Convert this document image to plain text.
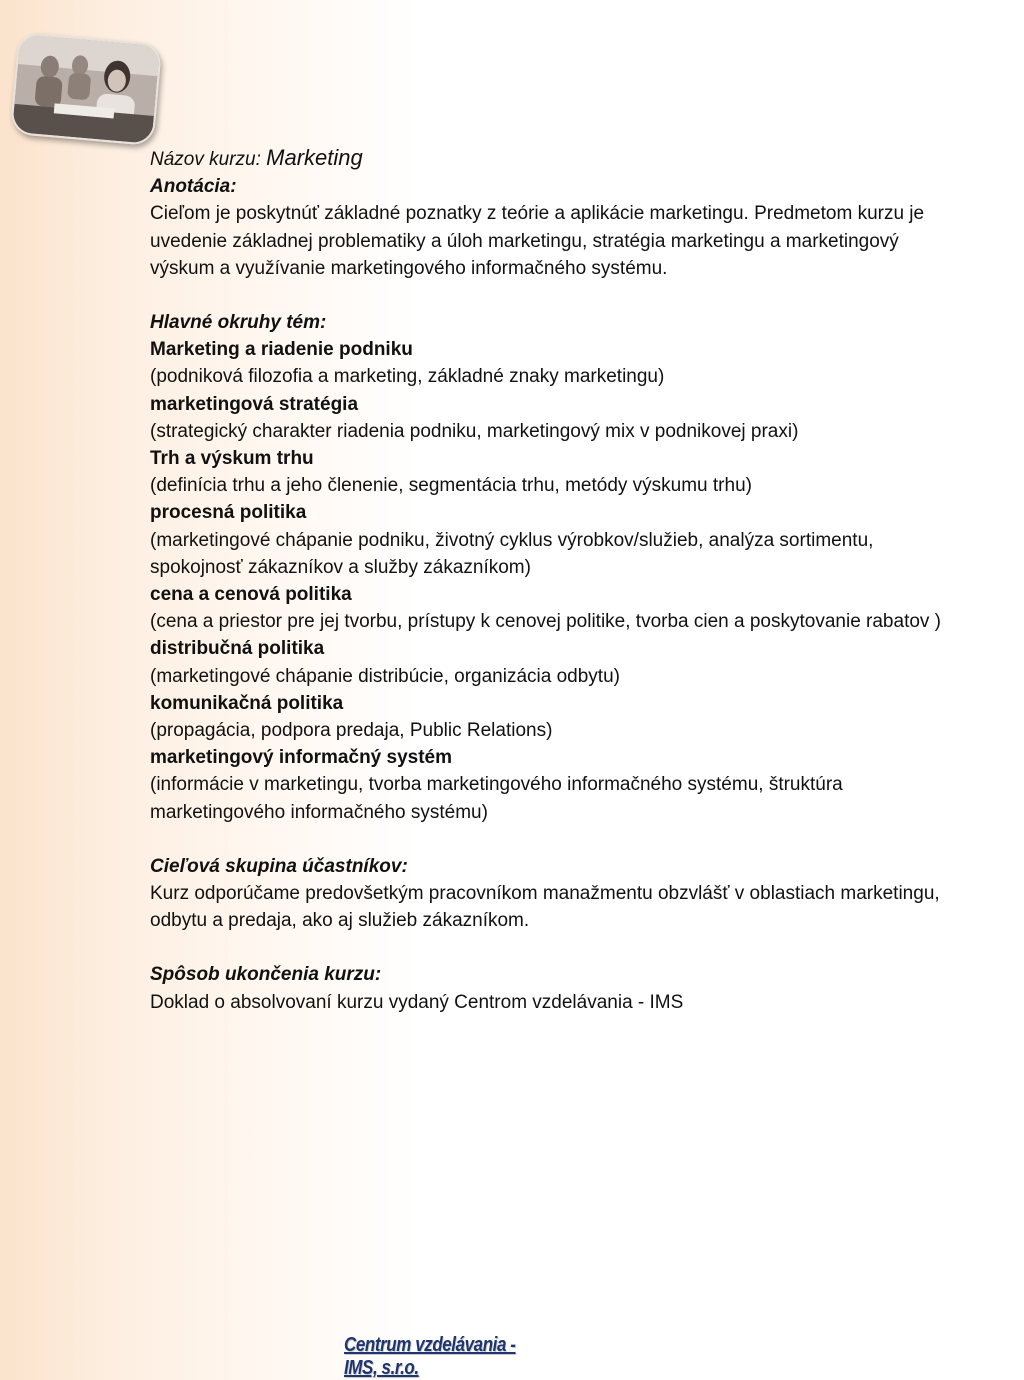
Názov kurzu: Marketing

Anotácia:

Cieľom je poskytnúť základné poznatky z teórie a aplikácie marketingu. Predmetom kurzu je uvedenie základnej problematiky a úloh marketingu, stratégia marketingu a marketingový výskum a využívanie marketingového informačného systému.

Hlavné okruhy tém:

Marketing a riadenie podniku

(podniková filozofia a marketing, základné znaky marketingu)

marketingová stratégia

(strategický charakter riadenia podniku, marketingový mix v podnikovej praxi)

Trh a výskum trhu

(definícia trhu a jeho členenie, segmentácia trhu, metódy výskumu trhu)

procesná politika

(marketingové chápanie podniku, životný cyklus výrobkov/služieb, analýza sortimentu, spokojnosť zákazníkov a služby zákazníkom)

cena a cenová politika

(cena a priestor pre jej tvorbu, prístupy k cenovej politike, tvorba cien a poskytovanie rabatov )

distribučná politika

(marketingové chápanie distribúcie, organizácia odbytu)

komunikačná politika

(propagácia, podpora predaja, Public Relations)

marketingový informačný systém

(informácie v marketingu, tvorba marketingového informačného systému, štruktúra marketingového informačného systému)

Cieľová skupina účastníkov:

Kurz odporúčame predovšetkým pracovníkom manažmentu obzvlášť v oblastiach marketingu, odbytu a predaja, ako aj služieb zákazníkom.

Spôsob ukončenia kurzu:

Doklad o absolvovaní kurzu vydaný Centrom vzdelávania - IMS

Centrum vzdelávania - IMS, s.r.o.
